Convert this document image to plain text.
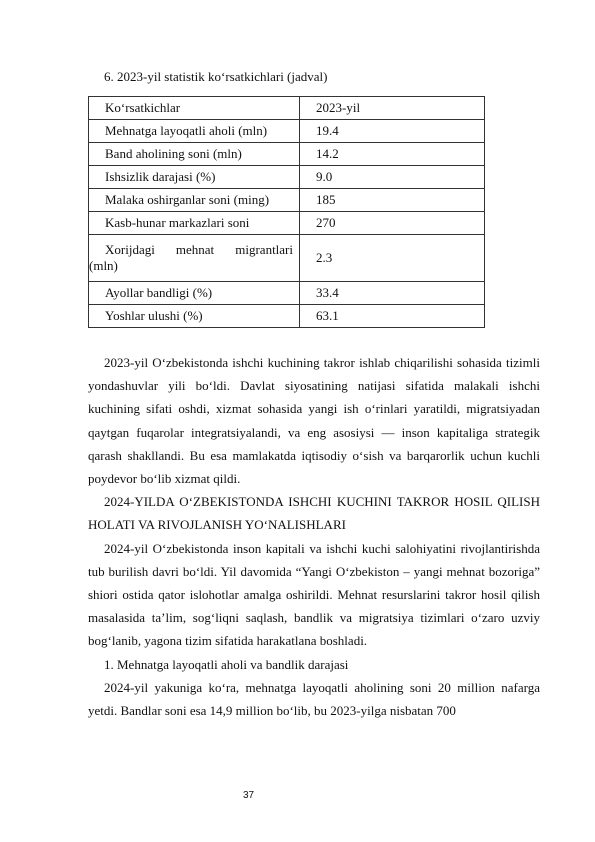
6. 2023-yil statistik ko‘rsatkichlari (jadval)
Ko‘rsatkichlar	2023-yil
Mehnatga layoqatli aholi (mln)	19.4
Band aholining soni (mln)	14.2
Ishsizlik darajasi (%)	9.0
Malaka oshirganlar soni (ming)	185
Kasb-hunar markazlari soni	270

Xorijdagi mehnat migrantlari
(mln)	2.3
Ayollar bandligi (%)	33.4
Yoshlar ulushi (%)	63.1

2023-yil O‘zbekistonda ishchi kuchining takror ishlab chiqarilishi sohasida tizimli yondashuvlar yili bo‘ldi. Davlat siyosatining natijasi sifatida malakali ishchi kuchining sifati oshdi, xizmat sohasida yangi ish o‘rinlari yaratildi, migratsiyadan qaytgan fuqarolar integratsiyalandi, va eng asosiysi — inson kapitaliga strategik qarash shakllandi. Bu esa mamlakatda iqtisodiy o‘sish va barqarorlik uchun kuchli poydevor bo‘lib xizmat qildi.

2024-YILDA O‘ZBEKISTONDA ISHCHI KUCHINI TAKROR HOSIL QILISH HOLATI VA RIVOJLANISH YO‘NALISHLARI

2024-yil O‘zbekistonda inson kapitali va ishchi kuchi salohiyatini rivojlantirishda tub burilish davri bo‘ldi. Yil davomida “Yangi O‘zbekiston – yangi mehnat bozoriga” shiori ostida qator islohotlar amalga oshirildi. Mehnat resurslarini takror hosil qilish masalasida ta’lim, sog‘liqni saqlash, bandlik va migratsiya tizimlari o‘zaro uzviy bog‘lanib, yagona tizim sifatida harakatlana boshladi.

1. Mehnatga layoqatli aholi va bandlik darajasi

2024-yil yakuniga ko‘ra, mehnatga layoqatli aholining soni 20 million nafarga yetdi. Bandlar soni esa 14,9 million bo‘lib, bu 2023-yilga nisbatan 700

37
